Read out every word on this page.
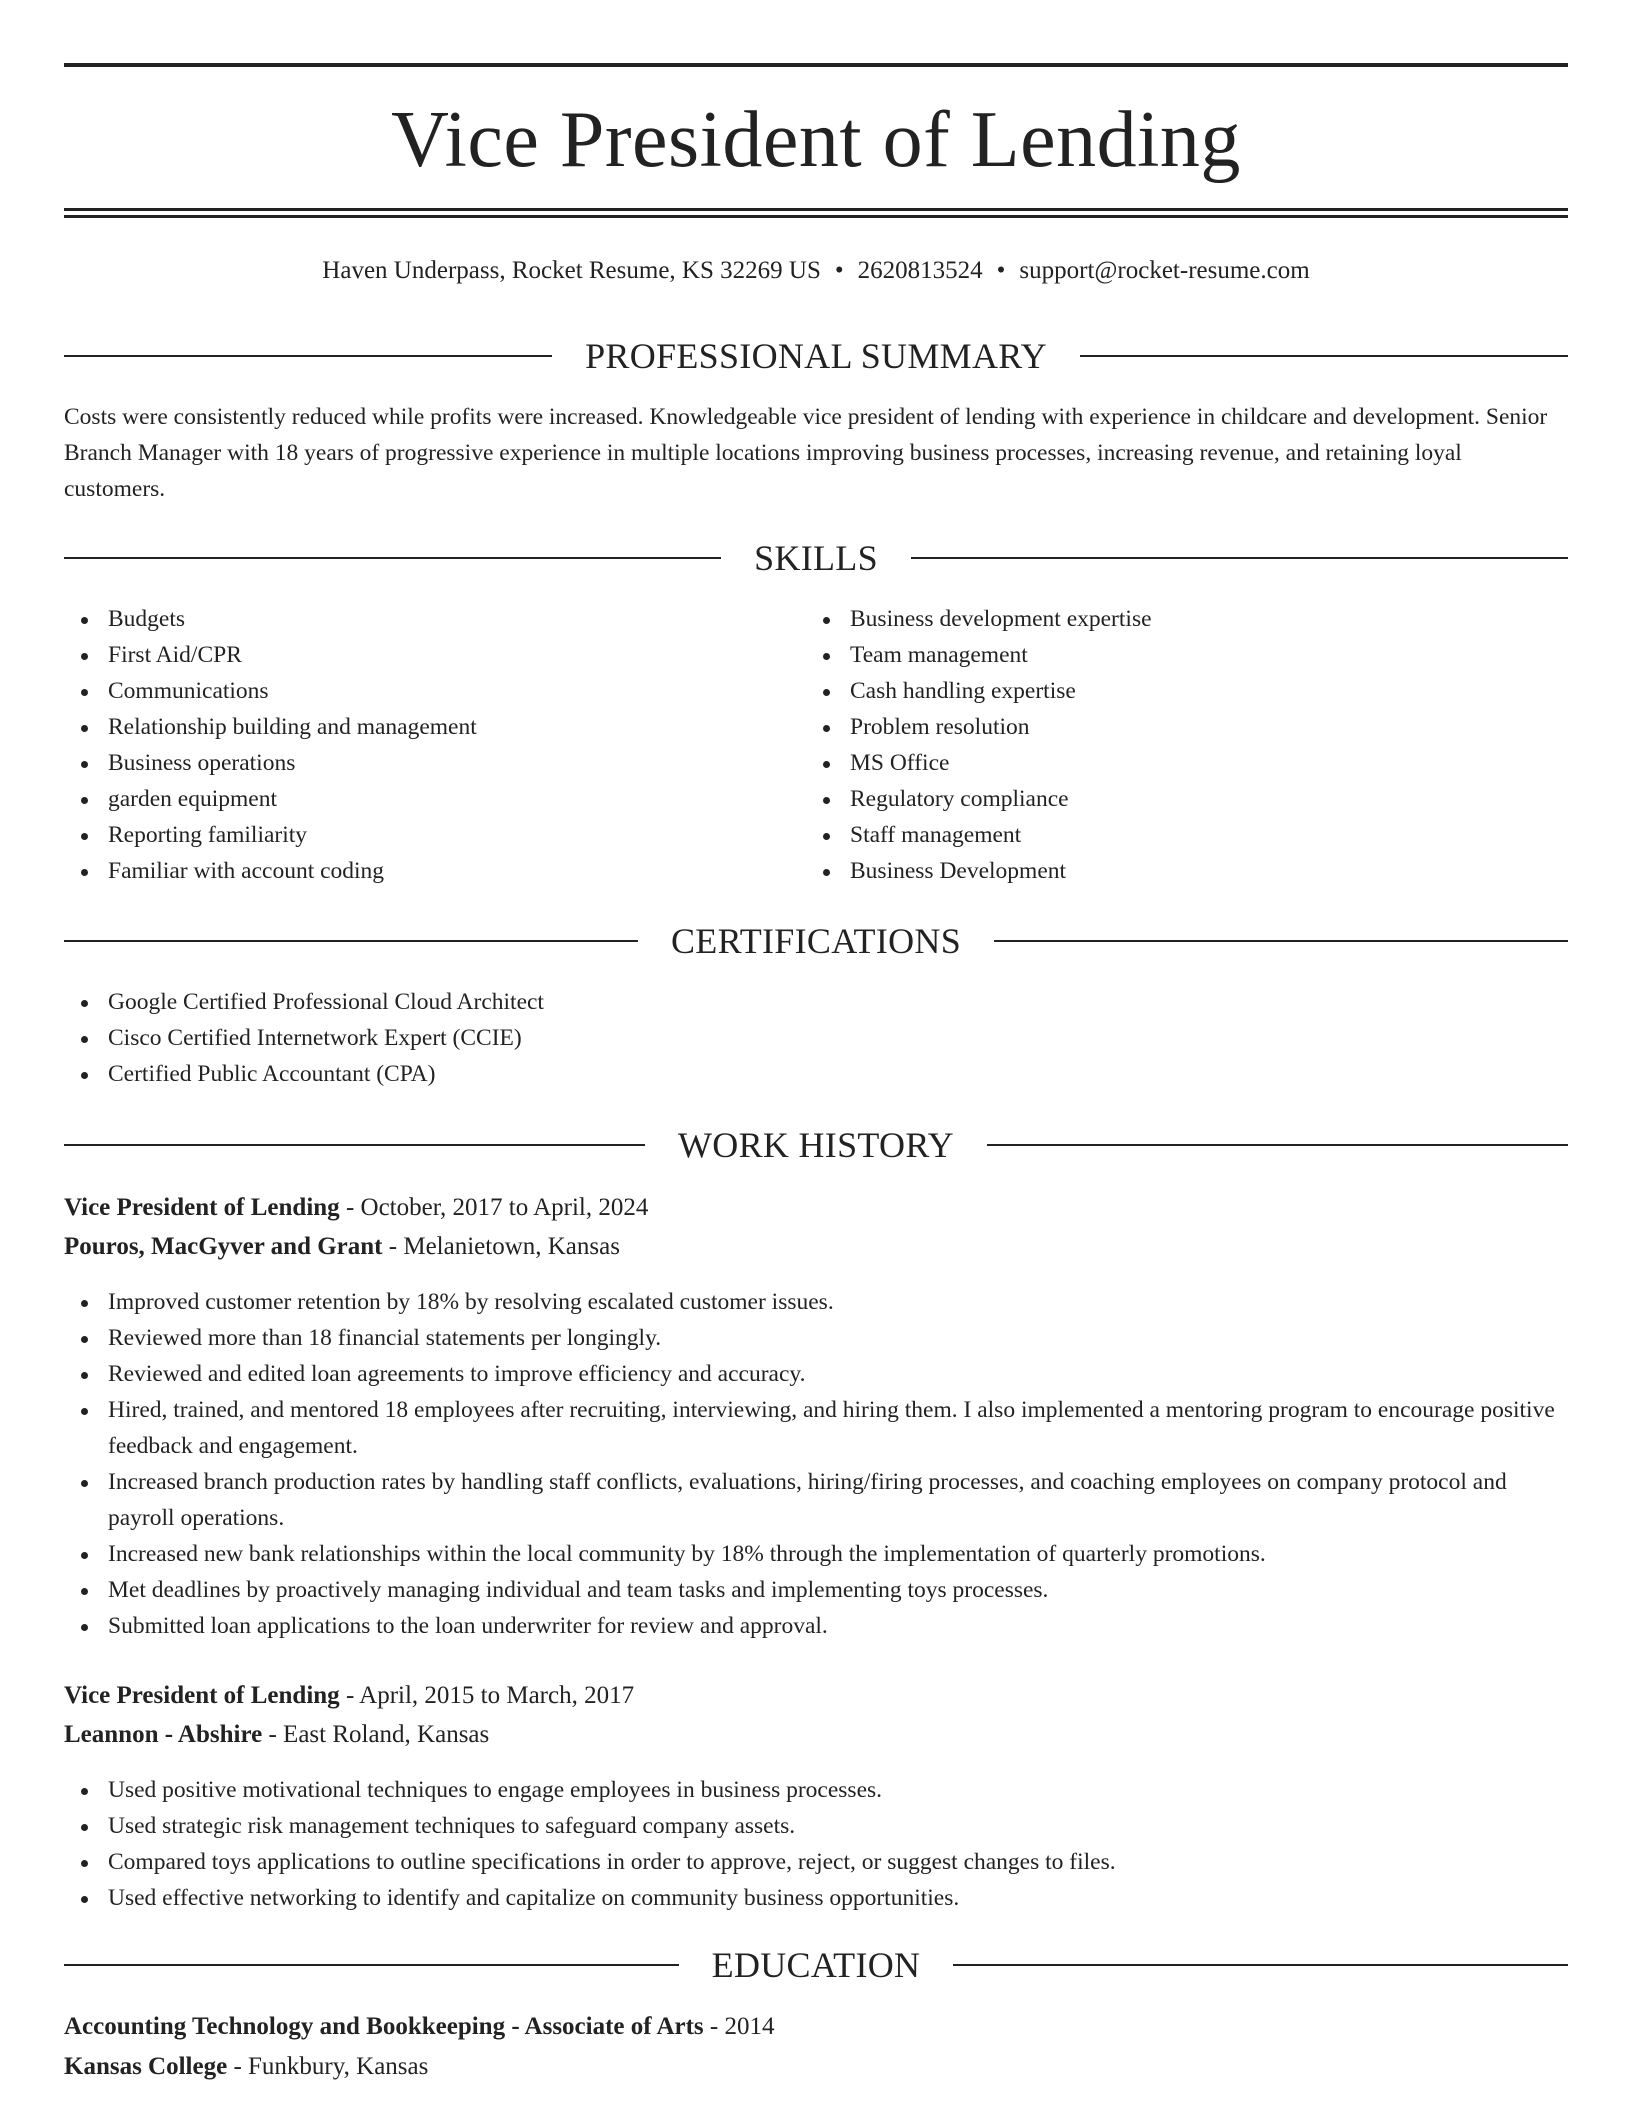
Vice President of Lending
Haven Underpass, Rocket Resume, KS 32269 US • 2620813524 • support@rocket-resume.com
PROFESSIONAL SUMMARY

Costs were consistently reduced while profits were increased. Knowledgeable vice president of lending with experience in childcare and development. Senior Branch Manager with 18 years of progressive experience in multiple locations improving business processes, increasing revenue, and retaining loyal customers.

SKILLS
Budgets
First Aid/CPR
Communications
Relationship building and management
Business operations
garden equipment
Reporting familiarity
Familiar with account coding
Business development expertise
Team management
Cash handling expertise
Problem resolution
MS Office
Regulatory compliance
Staff management
Business Development
CERTIFICATIONS
Google Certified Professional Cloud Architect
Cisco Certified Internetwork Expert (CCIE)
Certified Public Accountant (CPA)
WORK HISTORY

Vice President of Lending - October, 2017 to April, 2024

Pouros, MacGyver and Grant - Melanietown, Kansas

Improved customer retention by 18% by resolving escalated customer issues.
Reviewed more than 18 financial statements per longingly.
Reviewed and edited loan agreements to improve efficiency and accuracy.
Hired, trained, and mentored 18 employees after recruiting, interviewing, and hiring them. I also implemented a mentoring program to encourage positive feedback and engagement.
Increased branch production rates by handling staff conflicts, evaluations, hiring/firing processes, and coaching employees on company protocol and payroll operations.
Increased new bank relationships within the local community by 18% through the implementation of quarterly promotions.
Met deadlines by proactively managing individual and team tasks and implementing toys processes.
Submitted loan applications to the loan underwriter for review and approval.

Vice President of Lending - April, 2015 to March, 2017

Leannon - Abshire - East Roland, Kansas

Used positive motivational techniques to engage employees in business processes.
Used strategic risk management techniques to safeguard company assets.
Compared toys applications to outline specifications in order to approve, reject, or suggest changes to files.
Used effective networking to identify and capitalize on community business opportunities.
EDUCATION

Accounting Technology and Bookkeeping - Associate of Arts - 2014

Kansas College - Funkbury, Kansas
